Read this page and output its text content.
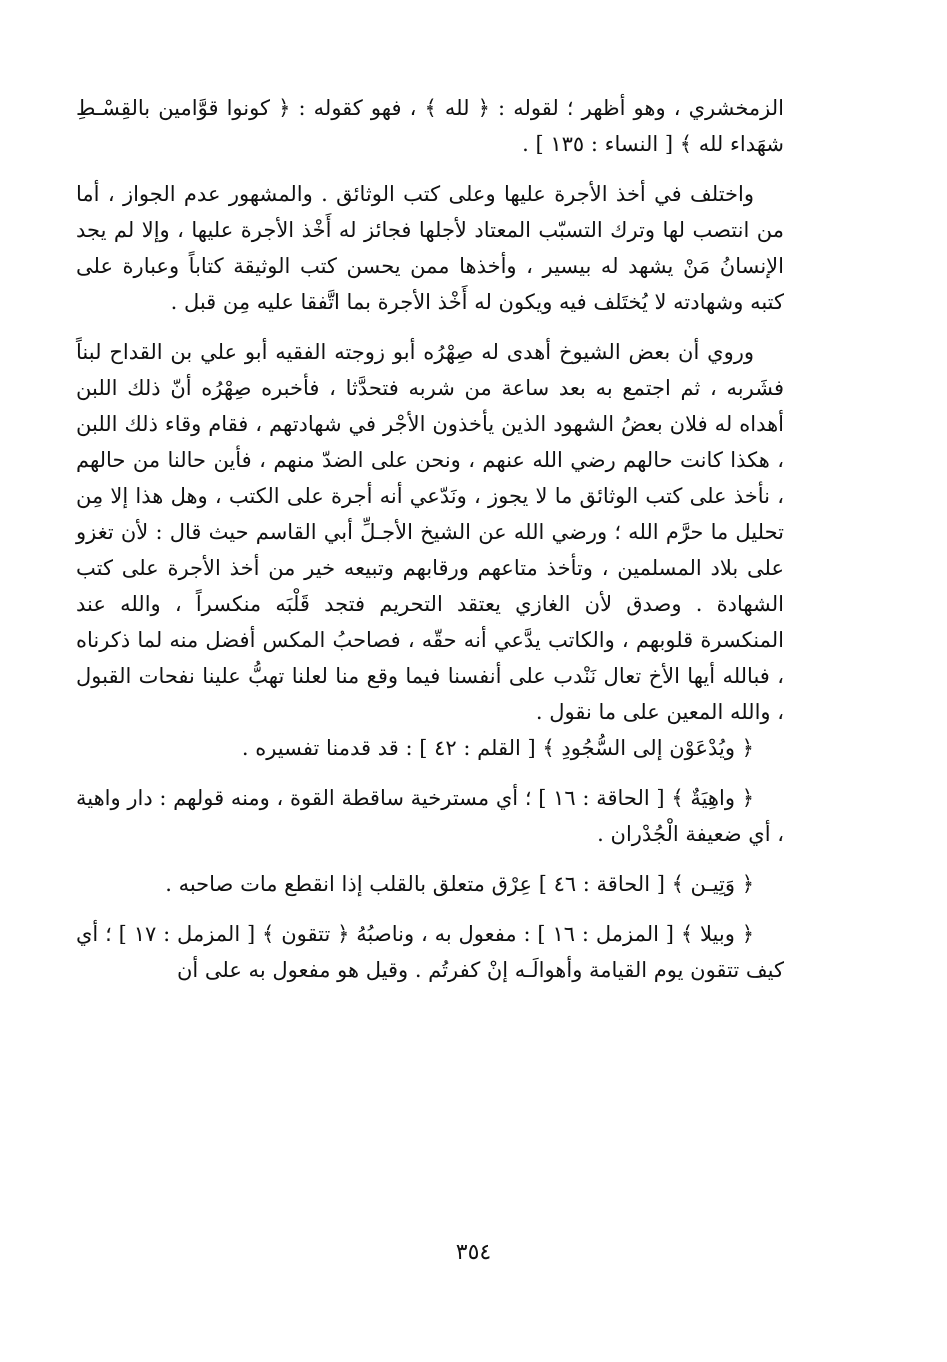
الزمخشري ، وهو أظهر ؛ لقوله : ﴿ لله ﴾ ، فهو كقوله : ﴿ كونوا قوَّامين بالقِسْـطِ شهَداء لله ﴾ [ النساء : ١٣٥ ] .

واختلف في أخذ الأجرة عليها وعلى كتب الوثائق . والمشهور عدم الجواز ، أما من انتصب لها وترك التسبّب المعتاد لأجلها فجائز له أَخْذ الأجرة عليها ، وإلا لم يجد الإنسانُ مَنْ يشهد له بيسير ، وأخذها ممن يحسن كتب الوثيقة كتاباً وعبارة على كتبه وشهادته لا يُختَلف فيه ويكون له أَخْذ الأجرة بما اتَّفقا عليه مِن قبل .

وروي أن بعض الشيوخ أهدى له صِهْرُه أبو زوجته الفقيه أبو علي بن القداح لبناً فشَربه ، ثم اجتمع به بعد ساعة من شربه فتحدَّثا ، فأخبره صِهْرُه أنّ ذلك اللبن أهداه له فلان بعضُ الشهود الذين يأخذون الأجْر في شهادتهم ، فقام وقاء ذلك اللبن ، هكذا كانت حالهم رضي الله عنهم ، ونحن على الضدّ منهم ، فأين حالنا من حالهم ، نأخذ على كتب الوثائق ما لا يجوز ، ونَدّعي أنه أجرة على الكتب ، وهل هذا إلا مِن تحليل ما حرَّم الله ؛ ورضي الله عن الشيخ الأجـلِّ أبي القاسم حيث قال : لأن تغزو على بلاد المسلمين ، وتأخذ متاعهم ورقابهم وتبيعه خير من أخذ الأجرة على كتب الشهادة . وصدق لأن الغازي يعتقد التحريم فتجد قَلْبَه منكسراً ، والله عند المنكسرة قلوبهم ، والكاتب يدَّعي أنه حقّه ، فصاحبُ المكس أفضل منه لما ذكرناه ، فبالله أيها الأخ تعال نَنْدب على أنفسنا فيما وقع منا لعلنا تهبُّ علينا نفحات القبول ، والله المعين على ما نقول .

﴿ ويُدْعَوْن إلى السُّجُودِ ﴾ [ القلم : ٤٢ ] : قد قدمنا تفسيره .

﴿ واهِيَةٌ ﴾ [ الحاقة : ١٦ ] ؛ أي مسترخية ساقطة القوة ، ومنه قولهم : دار واهية ، أي ضعيفة الْجُدْران .

﴿ وَتِيـن ﴾ [ الحاقة : ٤٦ ] عِرْق متعلق بالقلب إذا انقطع مات صاحبه .

﴿ وبيلا ﴾ [ المزمل : ١٦ ] : مفعول به ، وناصبُهُ ﴿ تتقون ﴾ [ المزمل : ١٧ ] ؛ أي كيف تتقون يوم القيامة وأهوالَـه إنْ كفرتُم . وقيل هو مفعول به على أن

٣٥٤
